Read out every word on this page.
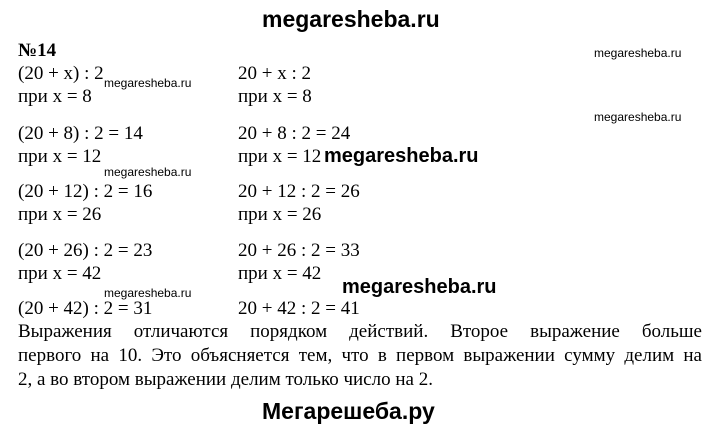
megaresheba.ru
№14
(20 + x) : 2
при x = 8
(20 + 8) : 2 = 14
при x = 12
(20 + 12) : 2 = 16
при x = 26
(20 + 26) : 2 = 23
при x = 42
(20 + 42) : 2 = 31
20 + x : 2
при x = 8
20 + 8 : 2 = 24
при x = 12
20 + 12 : 2 = 26
при x = 26
20 + 26 : 2 = 33
при x = 42
20 + 42 : 2 = 41
megaresheba.ru
megaresheba.ru
megaresheba.ru
megaresheba.ru
megaresheba.ru
megaresheba.ru
megaresheba.ru
Выражения отличаются порядком действий. Второе выражение больше
первого на 10. Это объясняется тем, что в первом выражении сумму делим на
2, а во втором выражении делим только число на 2.
Мегарешеба.ру
